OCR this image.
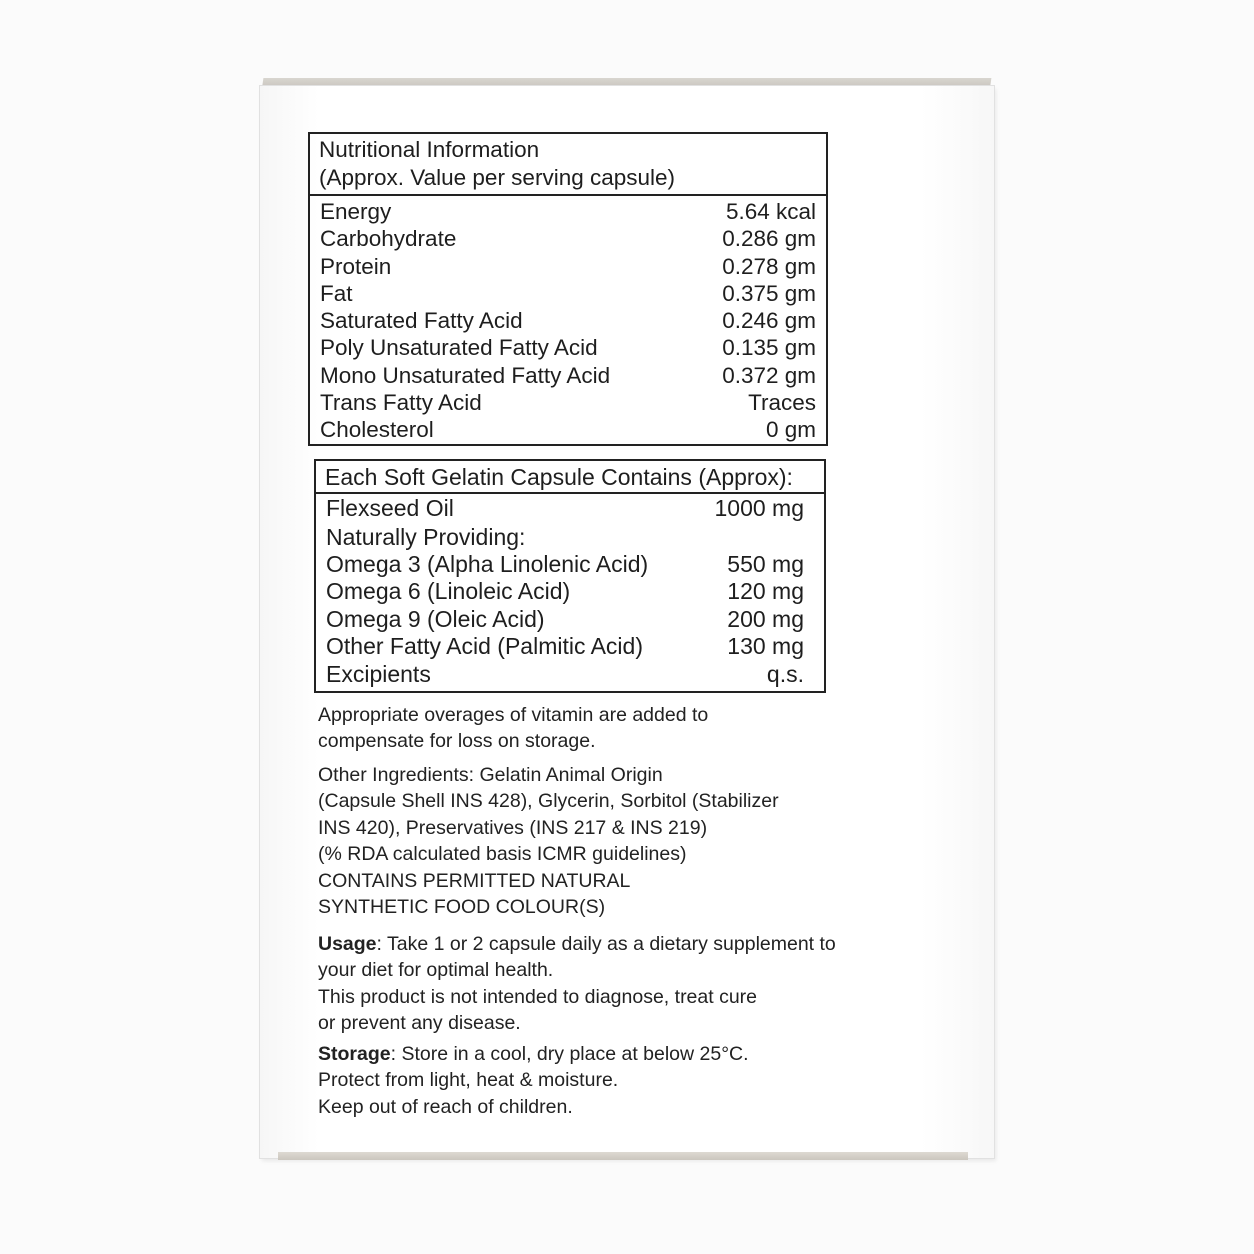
Nutritional Information
(Approx. Value per serving capsule)
Energy	5.64 kcal
Carbohydrate	0.286 gm
Protein	0.278 gm
Fat	0.375 gm
Saturated Fatty Acid	0.246 gm
Poly Unsaturated Fatty Acid	0.135 gm
Mono Unsaturated Fatty Acid	0.372 gm
Trans Fatty Acid	Traces
Cholesterol	0 gm
Each Soft Gelatin Capsule Contains (Approx):
Flexseed Oil	1000 mg
Naturally Providing:
Omega 3 (Alpha Linolenic Acid)	550 mg
Omega 6 (Linoleic Acid)	120 mg
Omega 9 (Oleic Acid)	200 mg
Other Fatty Acid (Palmitic Acid)	130 mg
Excipients	q.s.
Appropriate overages of vitamin are added to
compensate for loss on storage.
Other Ingredients: Gelatin Animal Origin
(Capsule Shell INS 428), Glycerin, Sorbitol (Stabilizer
INS 420), Preservatives (INS 217 & INS 219)
(% RDA calculated basis ICMR guidelines)
CONTAINS PERMITTED NATURAL
SYNTHETIC FOOD COLOUR(S)
Usage: Take 1 or 2 capsule daily as a dietary supplement to
your diet for optimal health.
This product is not intended to diagnose, treat cure
or prevent any disease.
Storage: Store in a cool, dry place at below 25°C.
Protect from light, heat & moisture.
Keep out of reach of children.
